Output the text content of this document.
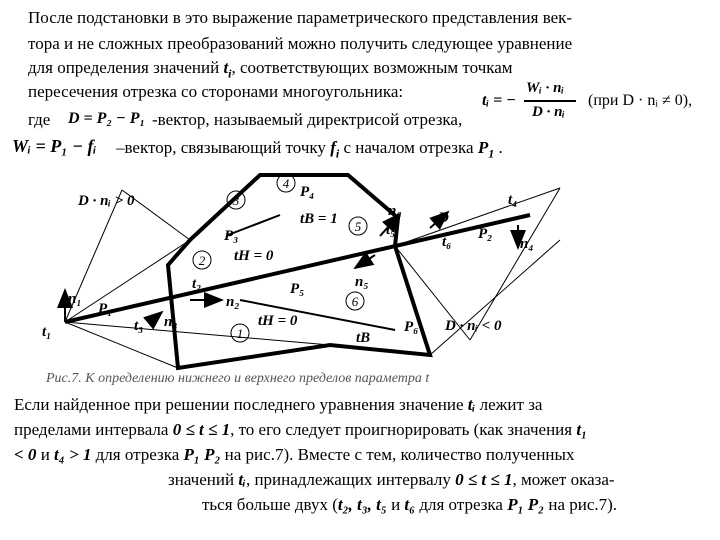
После подстановки в это выражение параметрического представления век-
тора и не сложных преобразований можно получить следующее уравнение
для определения значений $t_i$, соответствующих возможным точкам
пересечения отрезка со сторонами многоугольника:	tᵢ = −
Wᵢ · nᵢ
D · nᵢ
(при D · nᵢ ≠ 0),
где D = P₂ − P₁ -вектор, называемый директрисой отрезка,
Wᵢ = P₁ − fᵢ –вектор, связывающий точку $f_i$ с началом отрезка $P_1$ .
3
4
5
2
6
1
D · nᵢ > 0
D · nᵢ < 0
P₁
P₂
P₃
P₄
P₅
P₆
n₁	n₂
n₃
n₄
n₅
n₆ D
t₁
t₂
t₃
t₄
t₅
t₆
tB = 1
tH = 0
tH = 0
tB
Рис.7. К определению нижнего и верхнего пределов параметра t
Если найденное при решении последнего уравнения значение tᵢ лежит за
пределами интервала 0 ≤ t ≤ 1, то его следует проигнорировать (как значения t₁
< 0 и t₄ > 1 для отрезка P₁ P₂ на рис.7). Вместе с тем, количество полученных
значений tᵢ, принадлежащих интервалу 0 ≤ t ≤ 1, может оказа-
ться больше двух (t₂, t₃, t₅ и t₆ для отрезка P₁ P₂ на рис.7).
